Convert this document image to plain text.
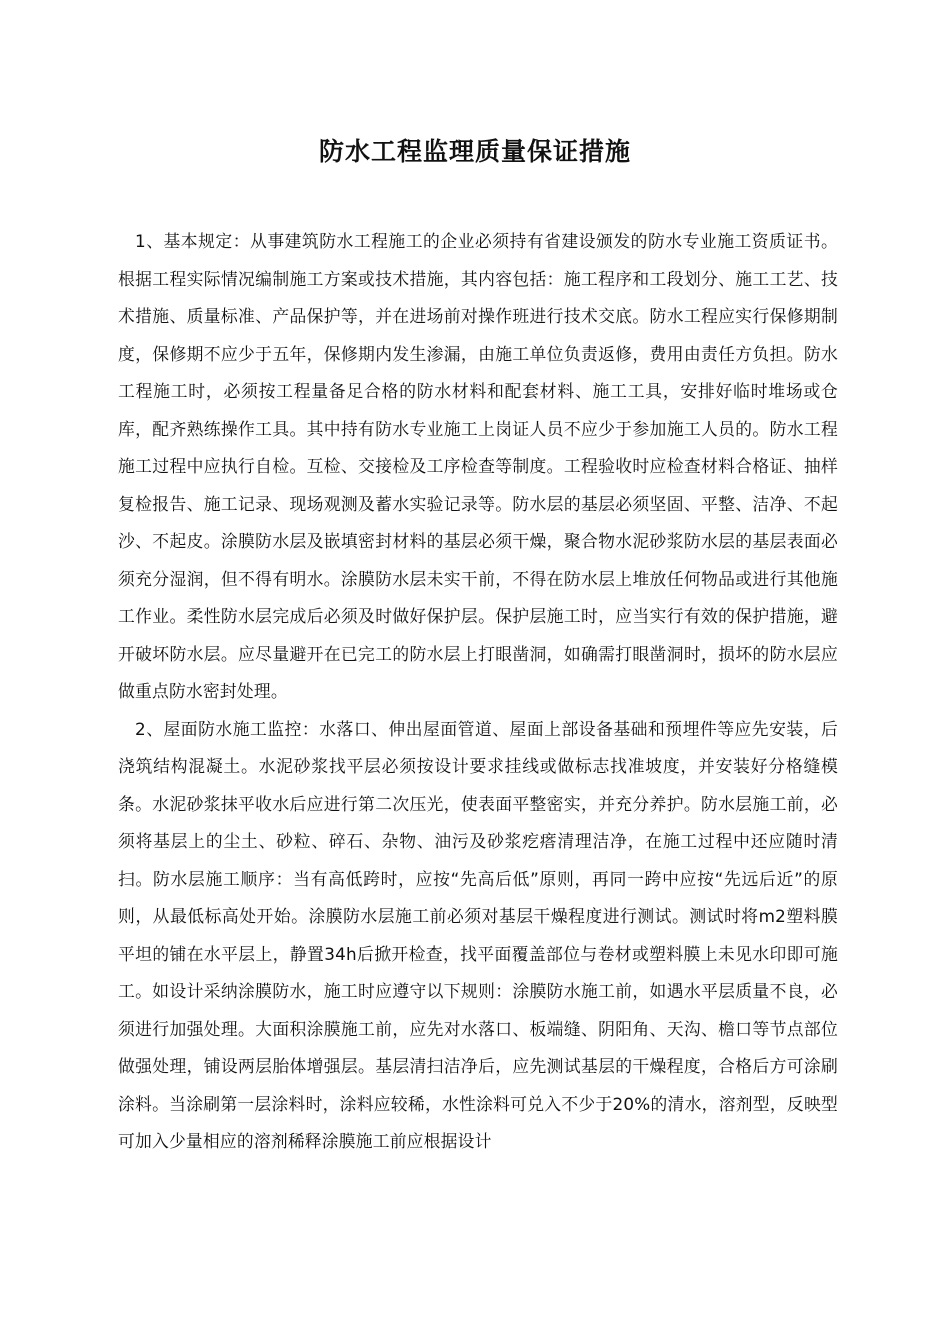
防水工程监理质量保证措施

1、基本规定：从事建筑防水工程施工的企业必须持有省建设颁发的防水专业施工资质证书。根据工程实际情况编制施工方案或技术措施，其内容包括：施工程序和工段划分、施工工艺、技术措施、质量标准、产品保护等，并在进场前对操作班进行技术交底。防水工程应实行保修期制度，保修期不应少于五年，保修期内发生渗漏，由施工单位负责返修，费用由责任方负担。防水工程施工时，必须按工程量备足合格的防水材料和配套材料、施工工具，安排好临时堆场或仓库，配齐熟练操作工具。其中持有防水专业施工上岗证人员不应少于参加施工人员的。防水工程施工过程中应执行自检。互检、交接检及工序检查等制度。工程验收时应检查材料合格证、抽样复检报告、施工记录、现场观测及蓄水实验记录等。防水层的基层必须坚固、平整、洁净、不起沙、不起皮。涂膜防水层及嵌填密封材料的基层必须干燥，聚合物水泥砂浆防水层的基层表面必须充分湿润，但不得有明水。涂膜防水层未实干前，不得在防水层上堆放任何物品或进行其他施工作业。柔性防水层完成后必须及时做好保护层。保护层施工时，应当实行有效的保护措施，避开破坏防水层。应尽量避开在已完工的防水层上打眼凿洞，如确需打眼凿洞时，损坏的防水层应做重点防水密封处理。

2、屋面防水施工监控：水落口、伸出屋面管道、屋面上部设备基础和预埋件等应先安装，后浇筑结构混凝土。水泥砂浆找平层必须按设计要求挂线或做标志找准坡度，并安装好分格缝模条。水泥砂浆抹平收水后应进行第二次压光，使表面平整密实，并充分养护。防水层施工前，必须将基层上的尘土、砂粒、碎石、杂物、油污及砂浆疙瘩清理洁净，在施工过程中还应随时清扫。防水层施工顺序：当有高低跨时，应按“先高后低”原则，再同一跨中应按“先远后近”的原则，从最低标高处开始。涂膜防水层施工前必须对基层干燥程度进行测试。测试时将m2塑料膜平坦的铺在水平层上，静置34h后掀开检查，找平面覆盖部位与卷材或塑料膜上未见水印即可施工。如设计采纳涂膜防水，施工时应遵守以下规则：涂膜防水施工前，如遇水平层质量不良，必须进行加强处理。大面积涂膜施工前，应先对水落口、板端缝、阴阳角、天沟、檐口等节点部位做强处理，铺设两层胎体增强层。基层清扫洁净后，应先测试基层的干燥程度，合格后方可涂刷涂料。当涂刷第一层涂料时，涂料应较稀，水性涂料可兑入不少于20%的清水，溶剂型，反映型可加入少量相应的溶剂稀释涂膜施工前应根据设计
